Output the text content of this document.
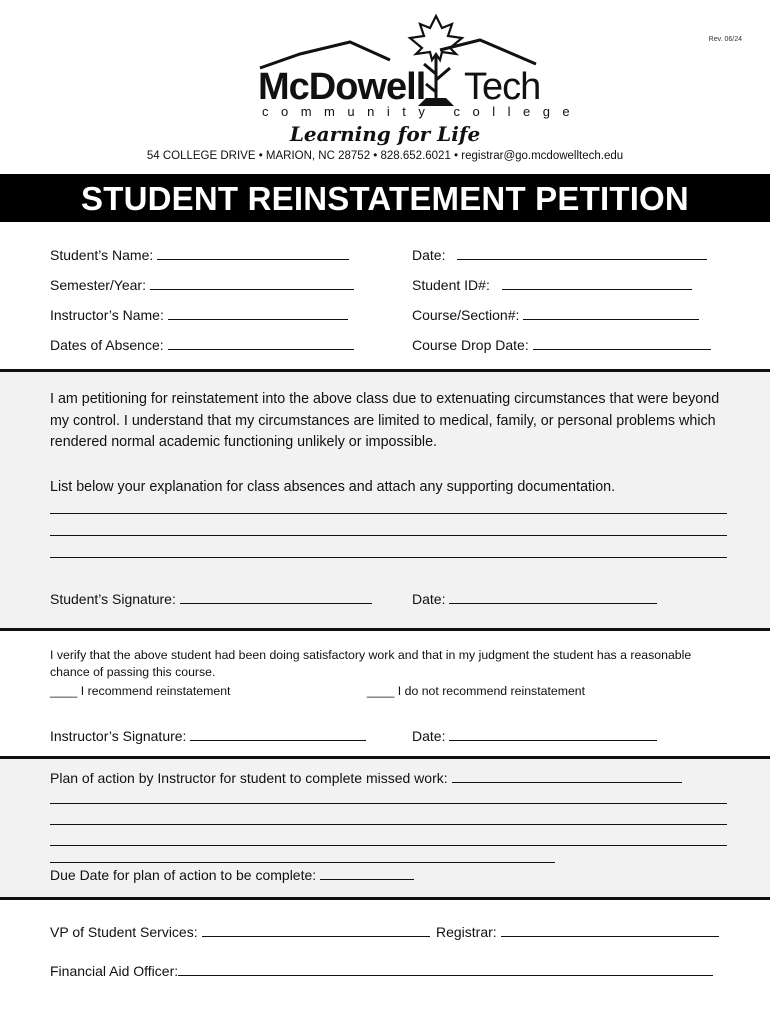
Rev. 06/24
McDowell Tech
community college
Learning for Life
54 COLLEGE DRIVE • MARION, NC 28752 • 828.652.6021 • registrar@go.mcdowelltech.edu
STUDENT REINSTATEMENT PETITION
Student’s Name:	Date:
Semester/Year:	Student ID#:
Instructor’s Name:	Course/Section#:
Dates of Absence:	Course Drop Date:
I am petitioning for reinstatement into the above class due to extenuating circumstances that were beyond my control. I understand that my circumstances are limited to medical, family, or personal problems which rendered normal academic functioning unlikely or impossible.
List below your explanation for class absences and attach any supporting documentation.
Student’s Signature:	Date:
I verify that the above student had been doing satisfactory work and that in my judgment the student has a reasonable chance of passing this course.
____ I recommend reinstatement	____ I do not recommend reinstatement
Instructor’s Signature:	Date:
Plan of action by Instructor for student to complete missed work:
Due Date for plan of action to be complete:
VP of Student Services:	Registrar:
Financial Aid Officer:
